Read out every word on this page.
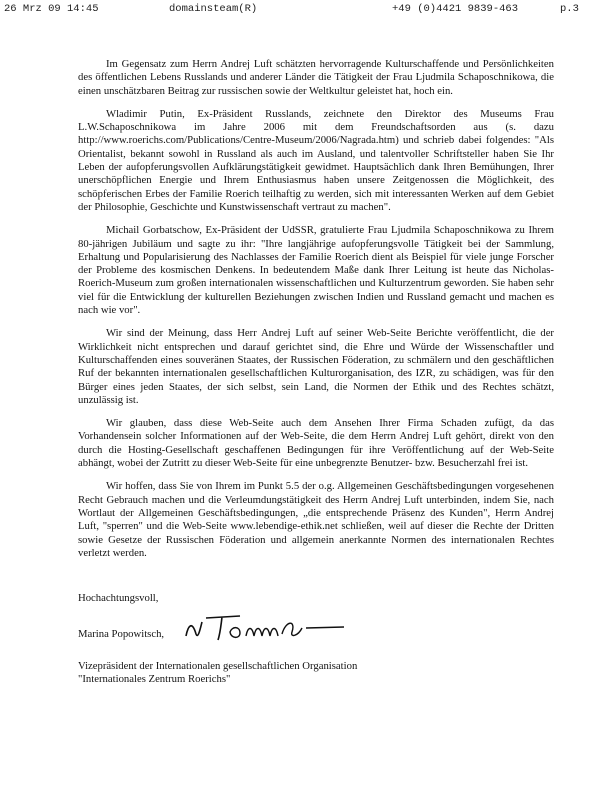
26 Mrz 09 14:45	domainsteam(R)	+49 (0)4421 9839-463	p.3

Im Gegensatz zum Herrn Andrej Luft schätzten hervorragende Kulturschaffende und Persönlichkeiten des öffentlichen Lebens Russlands und anderer Länder die Tätigkeit der Frau Ljudmila Schaposchnikowa, die einen unschätzbaren Beitrag zur russischen sowie der Weltkultur geleistet hat, hoch ein.

Wladimir Putin, Ex-Präsident Russlands, zeichnete den Direktor des Museums Frau L.W.Schaposchnikowa im Jahre 2006 mit dem Freundschaftsorden aus (s. dazu http://www.roerichs.com/Publications/Centre-Museum/2006/Nagrada.htm) und schrieb dabei folgendes: "Als Orientalist, bekannt sowohl in Russland als auch im Ausland, und talentvoller Schriftsteller haben Sie Ihr Leben der aufopferungsvollen Aufklärungstätigkeit gewidmet. Hauptsächlich dank Ihren Bemühungen, Ihrer unerschöpflichen Energie und Ihrem Enthusiasmus haben unsere Zeitgenossen die Möglichkeit, des schöpferischen Erbes der Familie Roerich teilhaftig zu werden, sich mit interessanten Werken auf dem Gebiet der Philosophie, Geschichte und Kunstwissenschaft vertraut zu machen".

Michail Gorbatschow, Ex-Präsident der UdSSR, gratulierte Frau Ljudmila Schaposchnikowa zu Ihrem 80-jährigen Jubiläum und sagte zu ihr: "Ihre langjährige aufopferungsvolle Tätigkeit bei der Sammlung, Erhaltung und Popularisierung des Nachlasses der Familie Roerich dient als Beispiel für viele junge Forscher der Probleme des kosmischen Denkens. In bedeutendem Maße dank Ihrer Leitung ist heute das Nicholas-Roerich-Museum zum großen internationalen wissenschaftlichen und Kulturzentrum geworden. Sie haben sehr viel für die Entwicklung der kulturellen Beziehungen zwischen Indien und Russland gemacht und machen es nach wie vor".

Wir sind der Meinung, dass Herr Andrej Luft auf seiner Web-Seite Berichte veröffentlicht, die der Wirklichkeit nicht entsprechen und darauf gerichtet sind, die Ehre und Würde der Wissenschaftler und Kulturschaffenden eines souveränen Staates, der Russischen Föderation, zu schmälern und den geschäftlichen Ruf der bekannten internationalen gesellschaftlichen Kulturorganisation, des IZR, zu schädigen, was für den Bürger eines jeden Staates, der sich selbst, sein Land, die Normen der Ethik und des Rechtes schätzt, unzulässig ist.

Wir glauben, dass diese Web-Seite auch dem Ansehen Ihrer Firma Schaden zufügt, da das Vorhandensein solcher Informationen auf der Web-Seite, die dem Herrn Andrej Luft gehört, direkt von den durch die Hosting-Gesellschaft geschaffenen Bedingungen für ihre Veröffentlichung auf der Web-Seite abhängt, wobei der Zutritt zu dieser Web-Seite für eine unbegrenzte Benutzer- bzw. Besucherzahl frei ist.

Wir hoffen, dass Sie von Ihrem im Punkt 5.5 der o.g. Allgemeinen Geschäftsbedingungen vorgesehenen Recht Gebrauch machen und die Verleumdungstätigkeit des Herrn Andrej Luft unterbinden, indem Sie, nach Wortlaut der Allgemeinen Geschäftsbedingungen, „die entsprechende Präsenz des Kunden", Herrn Andrej Luft, "sperren" und die Web-Seite www.lebendige-ethik.net schließen, weil auf dieser die Rechte der Dritten sowie Gesetze der Russischen Föderation und allgemein anerkannte Normen des internationalen Rechtes verletzt werden.

Hochachtungsvoll,
Marina Popowitsch,
Vizepräsident der Internationalen gesellschaftlichen Organisation
"Internationales Zentrum Roerichs"
